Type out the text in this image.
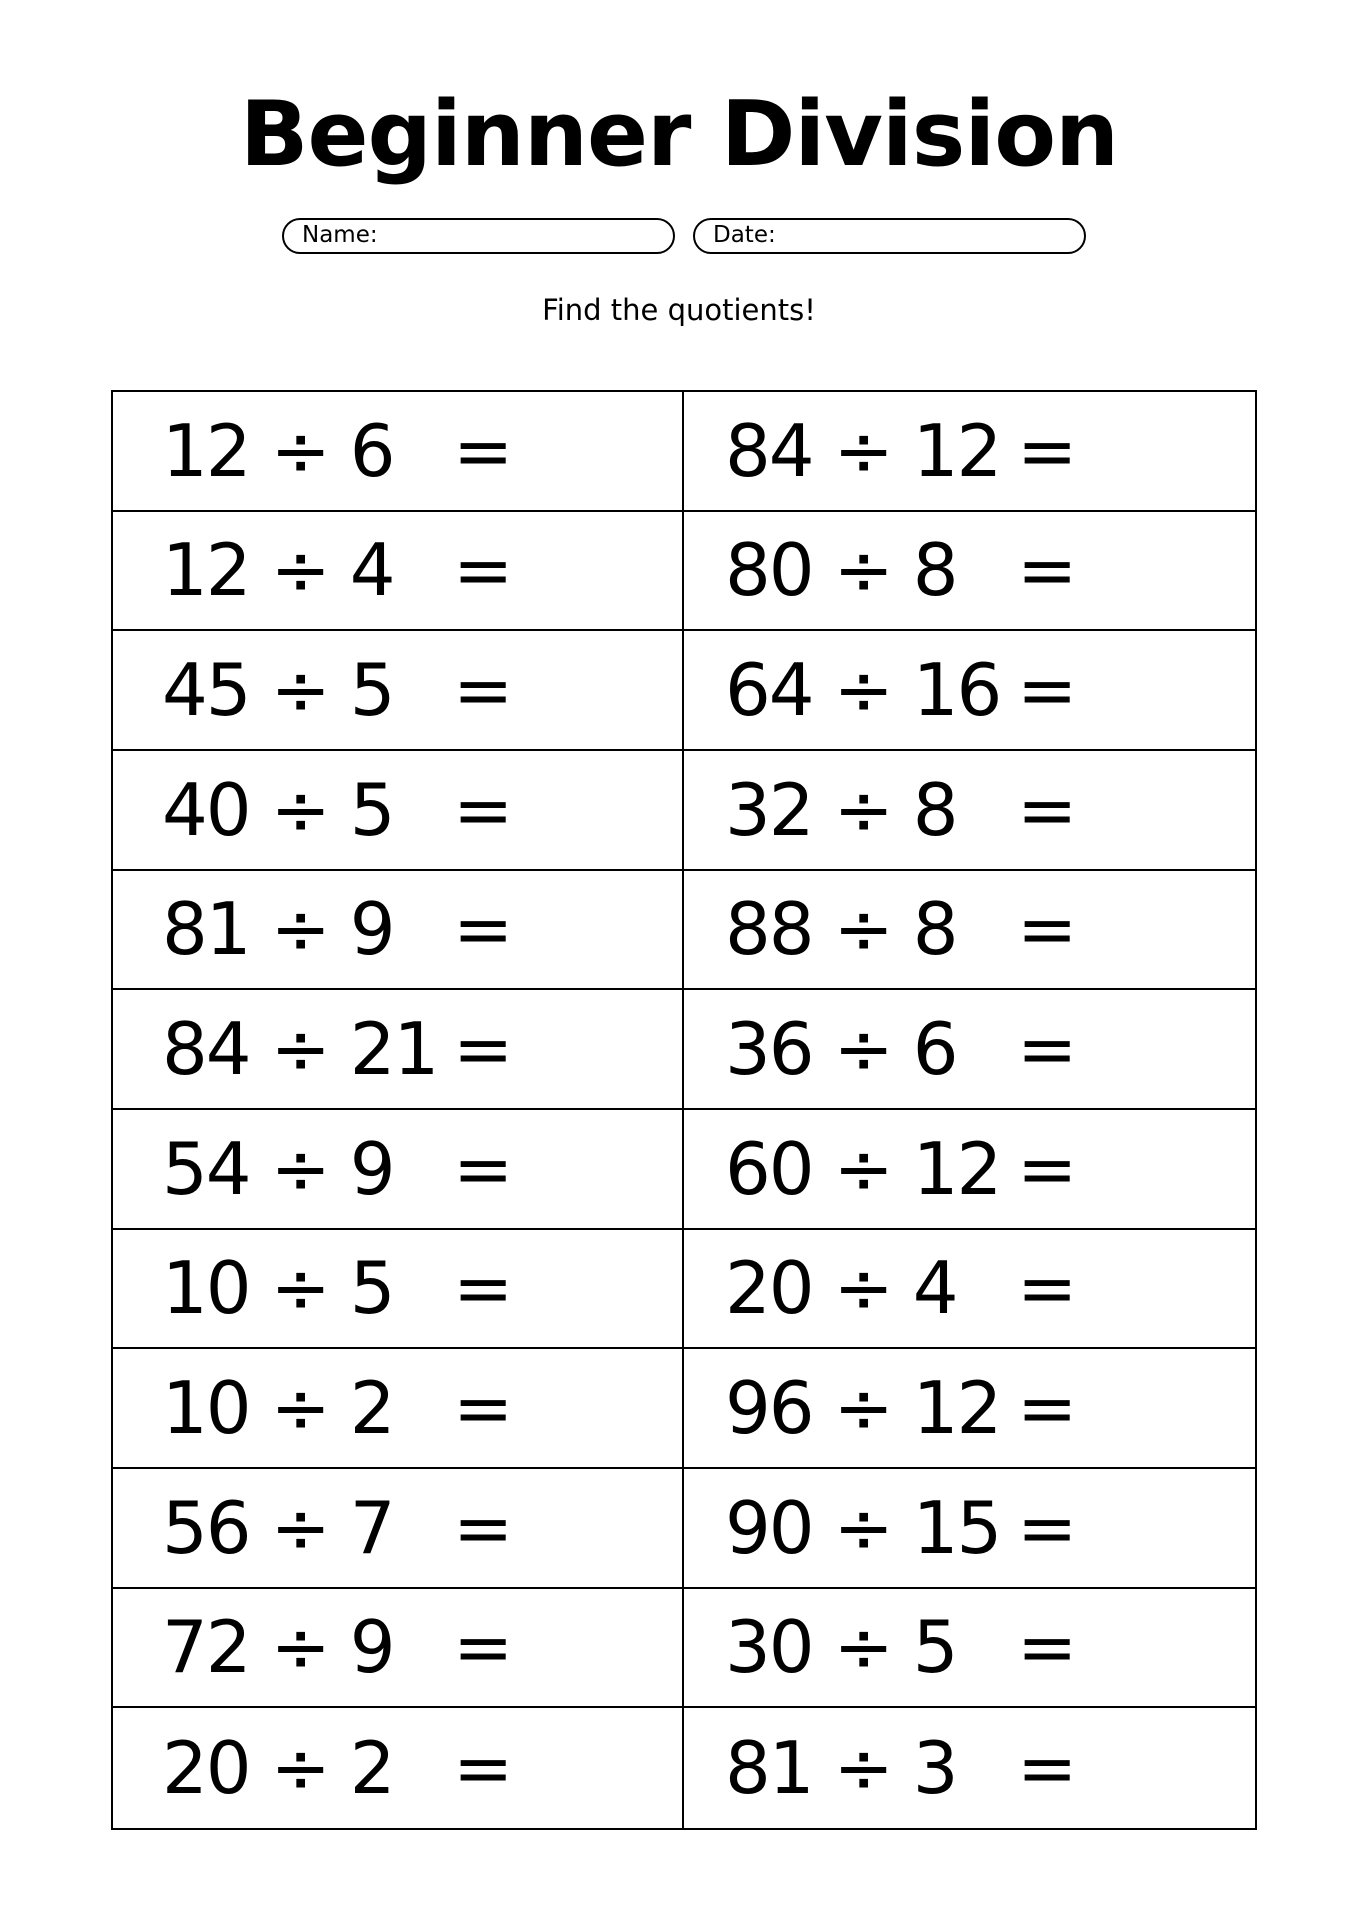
Beginner Division
Name:	Date:
Find the quotients!
12 ÷ 6 =
12 ÷ 4 =
45 ÷ 5 =
40 ÷ 5 =
81 ÷ 9 =
84 ÷ 21 =
54 ÷ 9 =
10 ÷ 5 =
10 ÷ 2 =
56 ÷ 7 =
72 ÷ 9 =
20 ÷ 2 =
84 ÷ 12 =
80 ÷ 8 =
64 ÷ 16 =
32 ÷ 8 =
88 ÷ 8 =
36 ÷ 6 =
60 ÷ 12 =
20 ÷ 4 =
96 ÷ 12 =
90 ÷ 15 =
30 ÷ 5 =
81 ÷ 3 =
